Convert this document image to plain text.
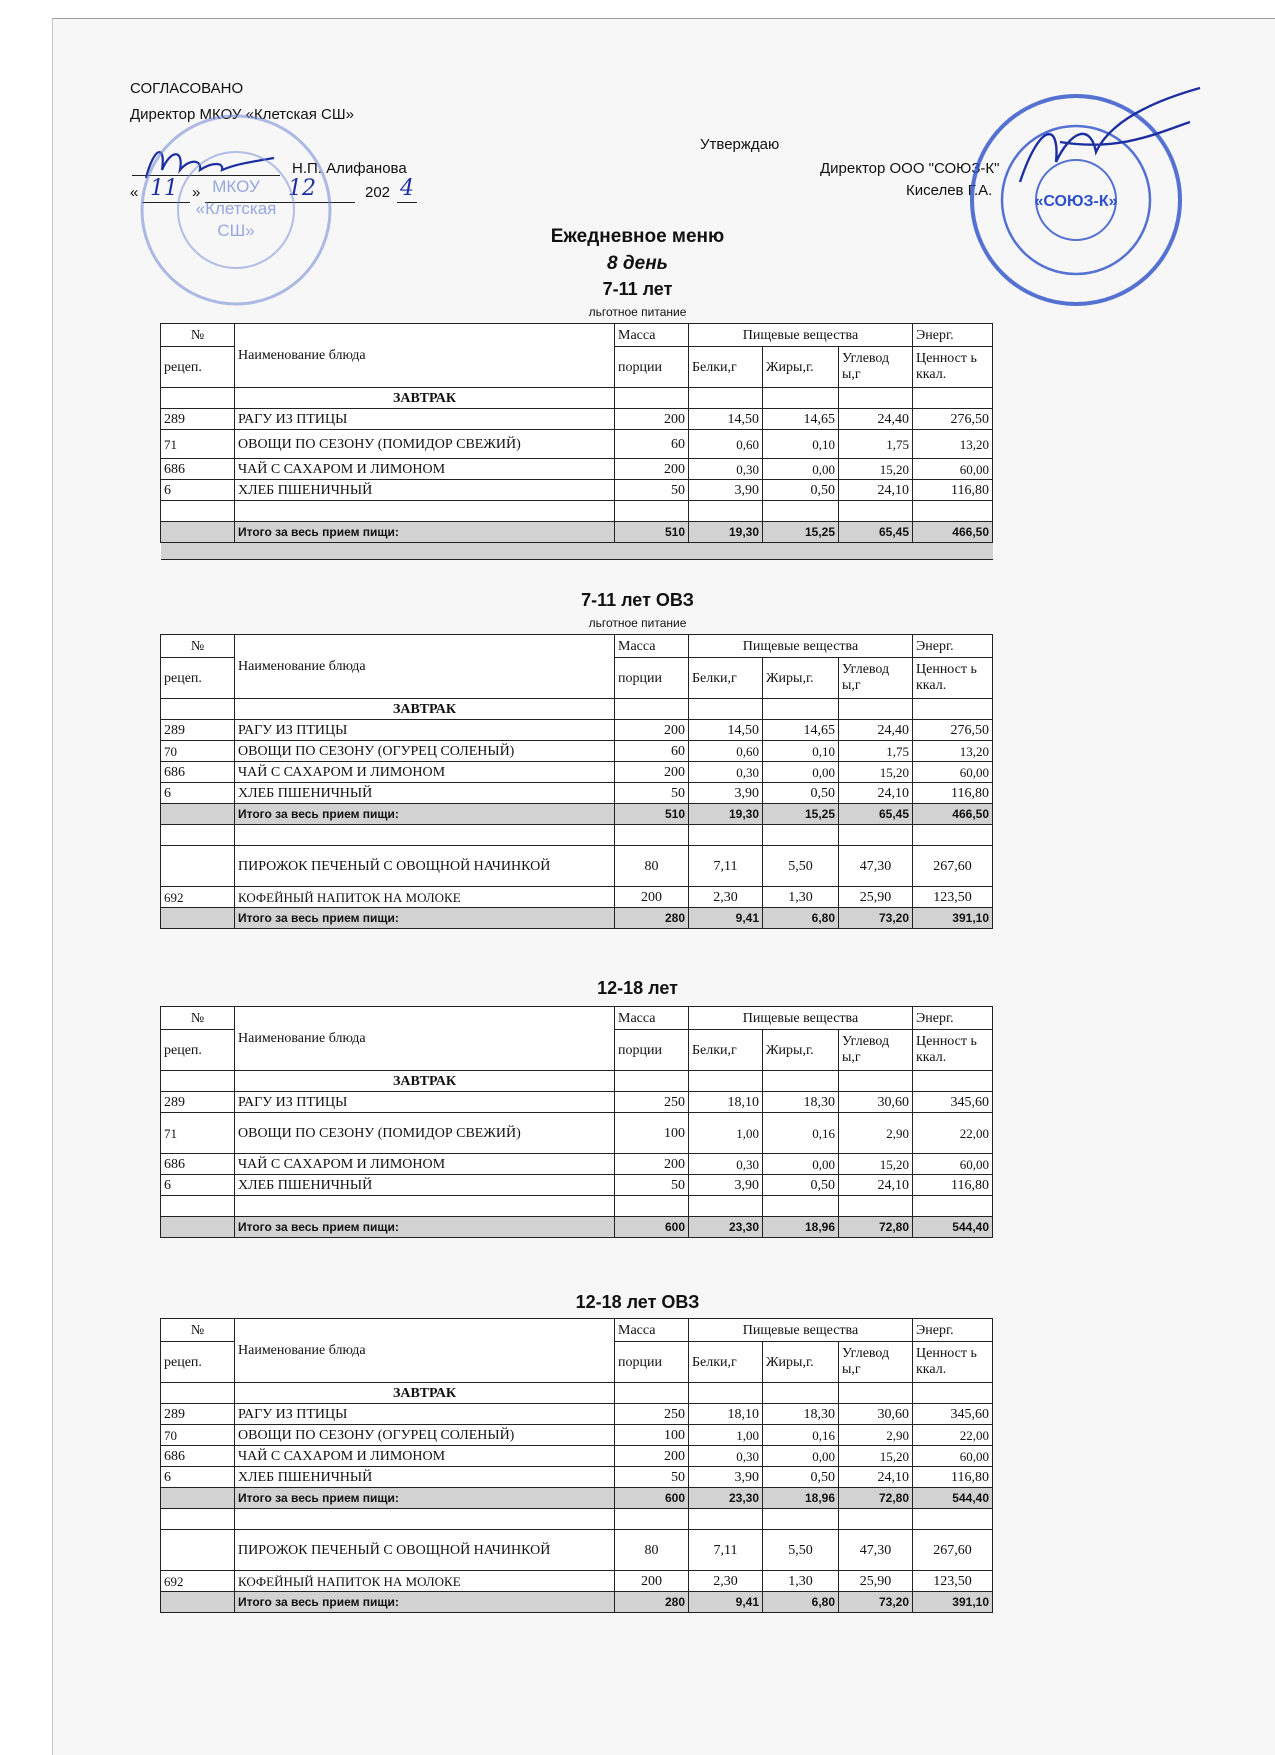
СОГЛАСОВАНО
Директор МКОУ «Клетская СШ»
Н.П. Алифанова
« 11 »	12	202 4
МКОУ
«Клетская
СШ»
Утверждаю
Директор ООО "СОЮЗ-К"
Киселев Г.А.
«СОЮЗ-К»
Ежедневное меню
8 день
7-11 лет
льготное питание
№	Наименование блюда	Масса	Пищевые вещества			Энерг.
рецеп.		порции	Белки,г	Жиры,г.	Углевод ы,г	Ценност ь ккал.
	ЗАВТРАК					
289	РАГУ ИЗ ПТИЦЫ	200	14,50	14,65	24,40	276,50
71	ОВОЩИ ПО СЕЗОНУ (ПОМИДОР СВЕЖИЙ)	60	0,60	0,10	1,75	13,20
686	ЧАЙ С САХАРОМ И ЛИМОНОМ	200	0,30	0,00	15,20	60,00
6	ХЛЕБ ПШЕНИЧНЫЙ	50	3,90	0,50	24,10	116,80

	Итого за весь прием пищи:	510	19,30	15,25	65,45	466,50

7-11 лет ОВЗ
льготное питание
№	Наименование блюда	Масса	Пищевые вещества			Энерг.
рецеп.		порции	Белки,г	Жиры,г.	Углевод ы,г	Ценност ь ккал.
	ЗАВТРАК					
289	РАГУ ИЗ ПТИЦЫ	200	14,50	14,65	24,40	276,50
70	ОВОЩИ ПО СЕЗОНУ (ОГУРЕЦ СОЛЕНЫЙ)	60	0,60	0,10	1,75	13,20
686	ЧАЙ С САХАРОМ И ЛИМОНОМ	200	0,30	0,00	15,20	60,00
6	ХЛЕБ ПШЕНИЧНЫЙ	50	3,90	0,50	24,10	116,80
	Итого за весь прием пищи:	510	19,30	15,25	65,45	466,50

	ПИРОЖОК ПЕЧЕНЫЙ С ОВОЩНОЙ НАЧИНКОЙ	80	7,11	5,50	47,30	267,60
692	КОФЕЙНЫЙ НАПИТОК НА МОЛОКЕ	200	2,30	1,30	25,90	123,50
	Итого за весь прием пищи:	280	9,41	6,80	73,20	391,10
12-18 лет
№	Наименование блюда	Масса	Пищевые вещества			Энерг.
рецеп.		порции	Белки,г	Жиры,г.	Углевод ы,г	Ценност ь ккал.
	ЗАВТРАК					
289	РАГУ ИЗ ПТИЦЫ	250	18,10	18,30	30,60	345,60
71	ОВОЩИ ПО СЕЗОНУ (ПОМИДОР СВЕЖИЙ)	100	1,00	0,16	2,90	22,00
686	ЧАЙ С САХАРОМ И ЛИМОНОМ	200	0,30	0,00	15,20	60,00
6	ХЛЕБ ПШЕНИЧНЫЙ	50	3,90	0,50	24,10	116,80

	Итого за весь прием пищи:	600	23,30	18,96	72,80	544,40
12-18 лет ОВЗ
№	Наименование блюда	Масса	Пищевые вещества			Энерг.
рецеп.		порции	Белки,г	Жиры,г.	Углевод ы,г	Ценност ь ккал.
	ЗАВТРАК					
289	РАГУ ИЗ ПТИЦЫ	250	18,10	18,30	30,60	345,60
70	ОВОЩИ ПО СЕЗОНУ (ОГУРЕЦ СОЛЕНЫЙ)	100	1,00	0,16	2,90	22,00
686	ЧАЙ С САХАРОМ И ЛИМОНОМ	200	0,30	0,00	15,20	60,00
6	ХЛЕБ ПШЕНИЧНЫЙ	50	3,90	0,50	24,10	116,80
	Итого за весь прием пищи:	600	23,30	18,96	72,80	544,40

	ПИРОЖОК ПЕЧЕНЫЙ С ОВОЩНОЙ НАЧИНКОЙ	80	7,11	5,50	47,30	267,60
692	КОФЕЙНЫЙ НАПИТОК НА МОЛОКЕ	200	2,30	1,30	25,90	123,50
	Итого за весь прием пищи:	280	9,41	6,80	73,20	391,10
